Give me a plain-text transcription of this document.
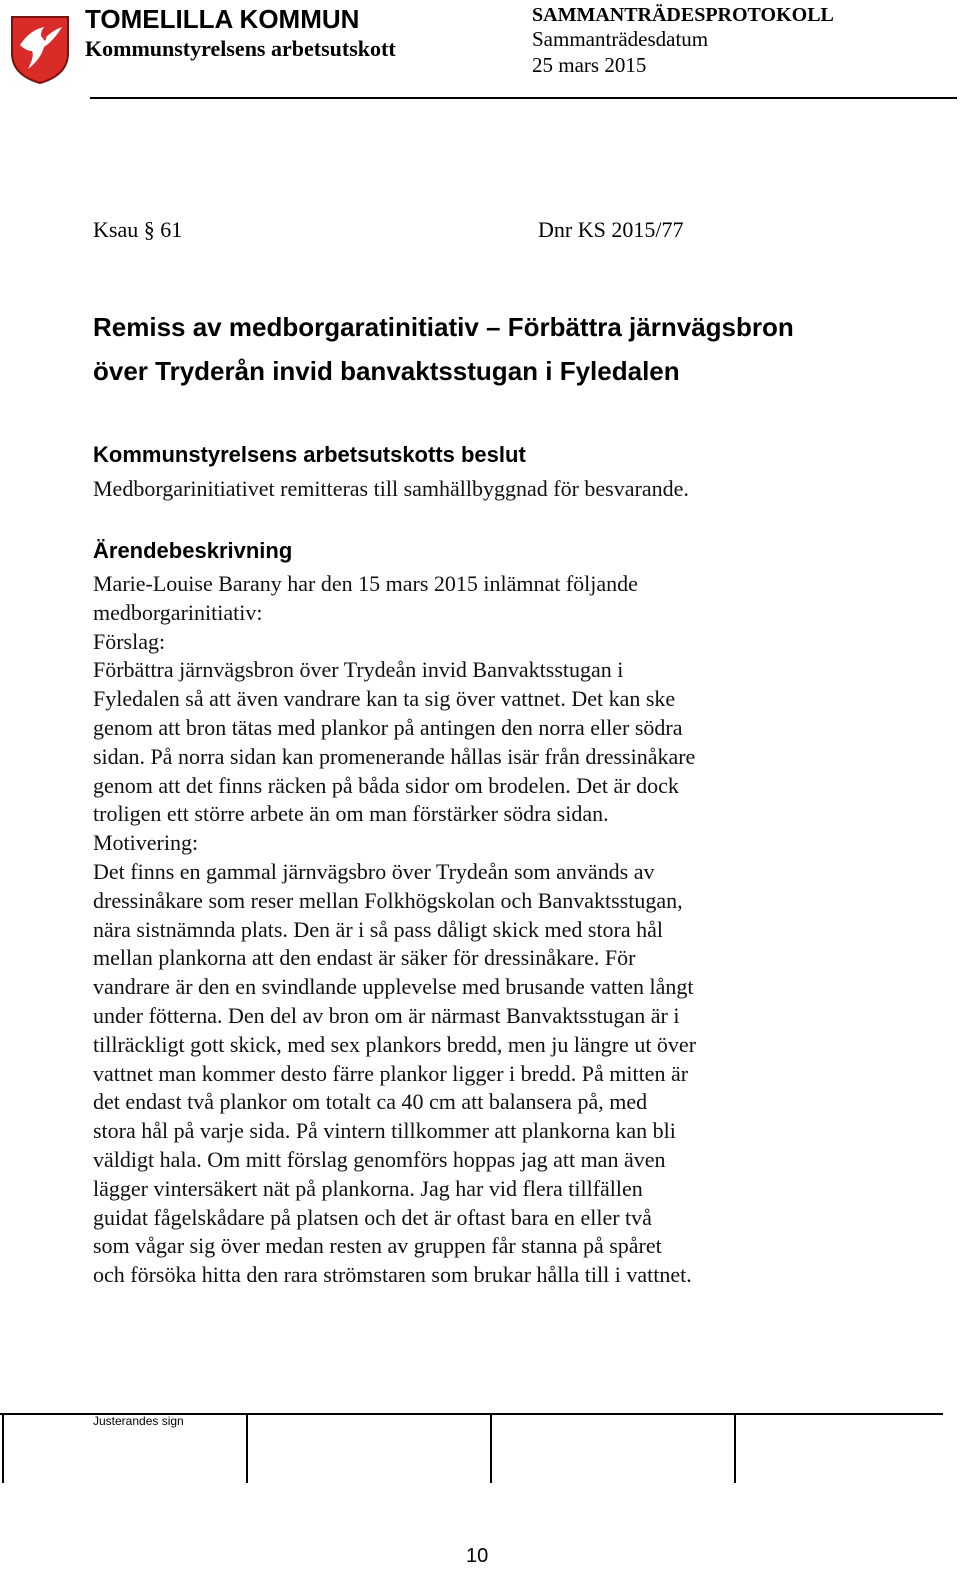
TOMELILLA KOMMUN
Kommunstyrelsens arbetsutskott
SAMMANTRÄDESPROTOKOLL
Sammanträdesdatum
25 mars 2015
Ksau § 61	Dnr KS 2015/77
Remiss av medborgaratinitiativ – Förbättra järnvägsbron
över Tryderån invid banvaktsstugan i Fyledalen
Kommunstyrelsens arbetsutskotts beslut
Medborgarinitiativet remitteras till samhällbyggnad för besvarande.
Ärendebeskrivning
Marie-Louise Barany har den 15 mars 2015 inlämnat följande
medborgarinitiativ:
Förslag:
Förbättra järnvägsbron över Trydeån invid Banvaktsstugan i
Fyledalen så att även vandrare kan ta sig över vattnet. Det kan ske
genom att bron tätas med plankor på antingen den norra eller södra
sidan. På norra sidan kan promenerande hållas isär från dressinåkare
genom att det finns räcken på båda sidor om brodelen. Det är dock
troligen ett större arbete än om man förstärker södra sidan.
Motivering:
Det finns en gammal järnvägsbro över Trydeån som används av
dressinåkare som reser mellan Folkhögskolan och Banvaktsstugan,
nära sistnämnda plats. Den är i så pass dåligt skick med stora hål
mellan plankorna att den endast är säker för dressinåkare. För
vandrare är den en svindlande upplevelse med brusande vatten långt
under fötterna. Den del av bron om är närmast Banvaktsstugan är i
tillräckligt gott skick, med sex plankors bredd, men ju längre ut över
vattnet man kommer desto färre plankor ligger i bredd. På mitten är
det endast två plankor om totalt ca 40 cm att balansera på, med
stora hål på varje sida. På vintern tillkommer att plankorna kan bli
väldigt hala. Om mitt förslag genomförs hoppas jag att man även
lägger vintersäkert nät på plankorna. Jag har vid flera tillfällen
guidat fågelskådare på platsen och det är oftast bara en eller två
som vågar sig över medan resten av gruppen får stanna på spåret
och försöka hitta den rara strömstaren som brukar hålla till i vattnet.
Justerandes sign
10
